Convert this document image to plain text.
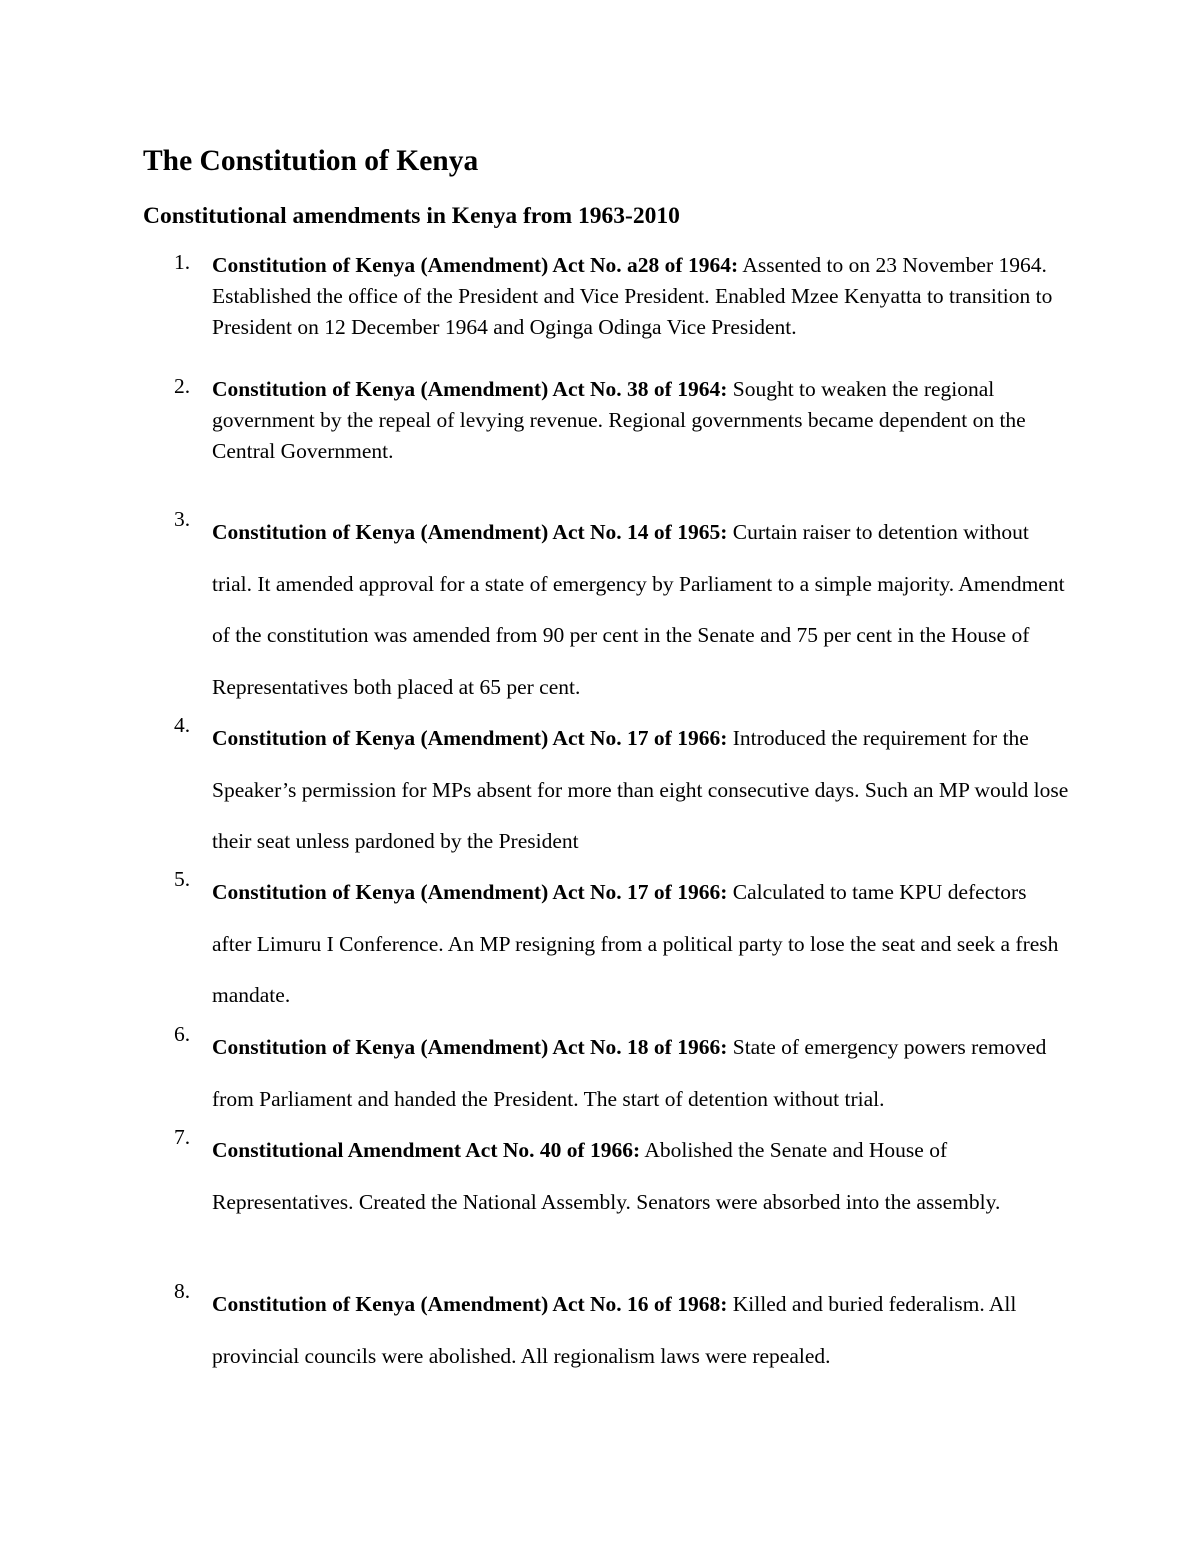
The Constitution of Kenya
Constitutional amendments in Kenya from 1963-2010
1. Constitution of Kenya (Amendment) Act No. a28 of 1964: Assented to on 23 November 1964. Established the office of the President and Vice President. Enabled Mzee Kenyatta to transition to President on 12 December 1964 and Oginga Odinga Vice President.

2. Constitution of Kenya (Amendment) Act No. 38 of 1964: Sought to weaken the regional government by the repeal of levying revenue. Regional governments became dependent on the Central Government.

3.

Constitution of Kenya (Amendment) Act No. 14 of 1965: Curtain raiser to detention without trial. It amended approval for a state of emergency by Parliament to a simple majority. Amendment of the constitution was amended from 90 per cent in the Senate and 75 per cent in the House of Representatives both placed at 65 per cent.

4.

Constitution of Kenya (Amendment) Act No. 17 of 1966: Introduced the requirement for the Speaker’s permission for MPs absent for more than eight consecutive days. Such an MP would lose their seat unless pardoned by the President

5.

Constitution of Kenya (Amendment) Act No. 17 of 1966: Calculated to tame KPU defectors after Limuru I Conference. An MP resigning from a political party to lose the seat and seek a fresh mandate.

6.

Constitution of Kenya (Amendment) Act No. 18 of 1966: State of emergency powers removed from Parliament and handed the President. The start of detention without trial.

7.

Constitutional Amendment Act No. 40 of 1966: Abolished the Senate and House of Representatives. Created the National Assembly. Senators were absorbed into the assembly.

8.

Constitution of Kenya (Amendment) Act No. 16 of 1968: Killed and buried federalism. All provincial councils were abolished. All regionalism laws were repealed.
